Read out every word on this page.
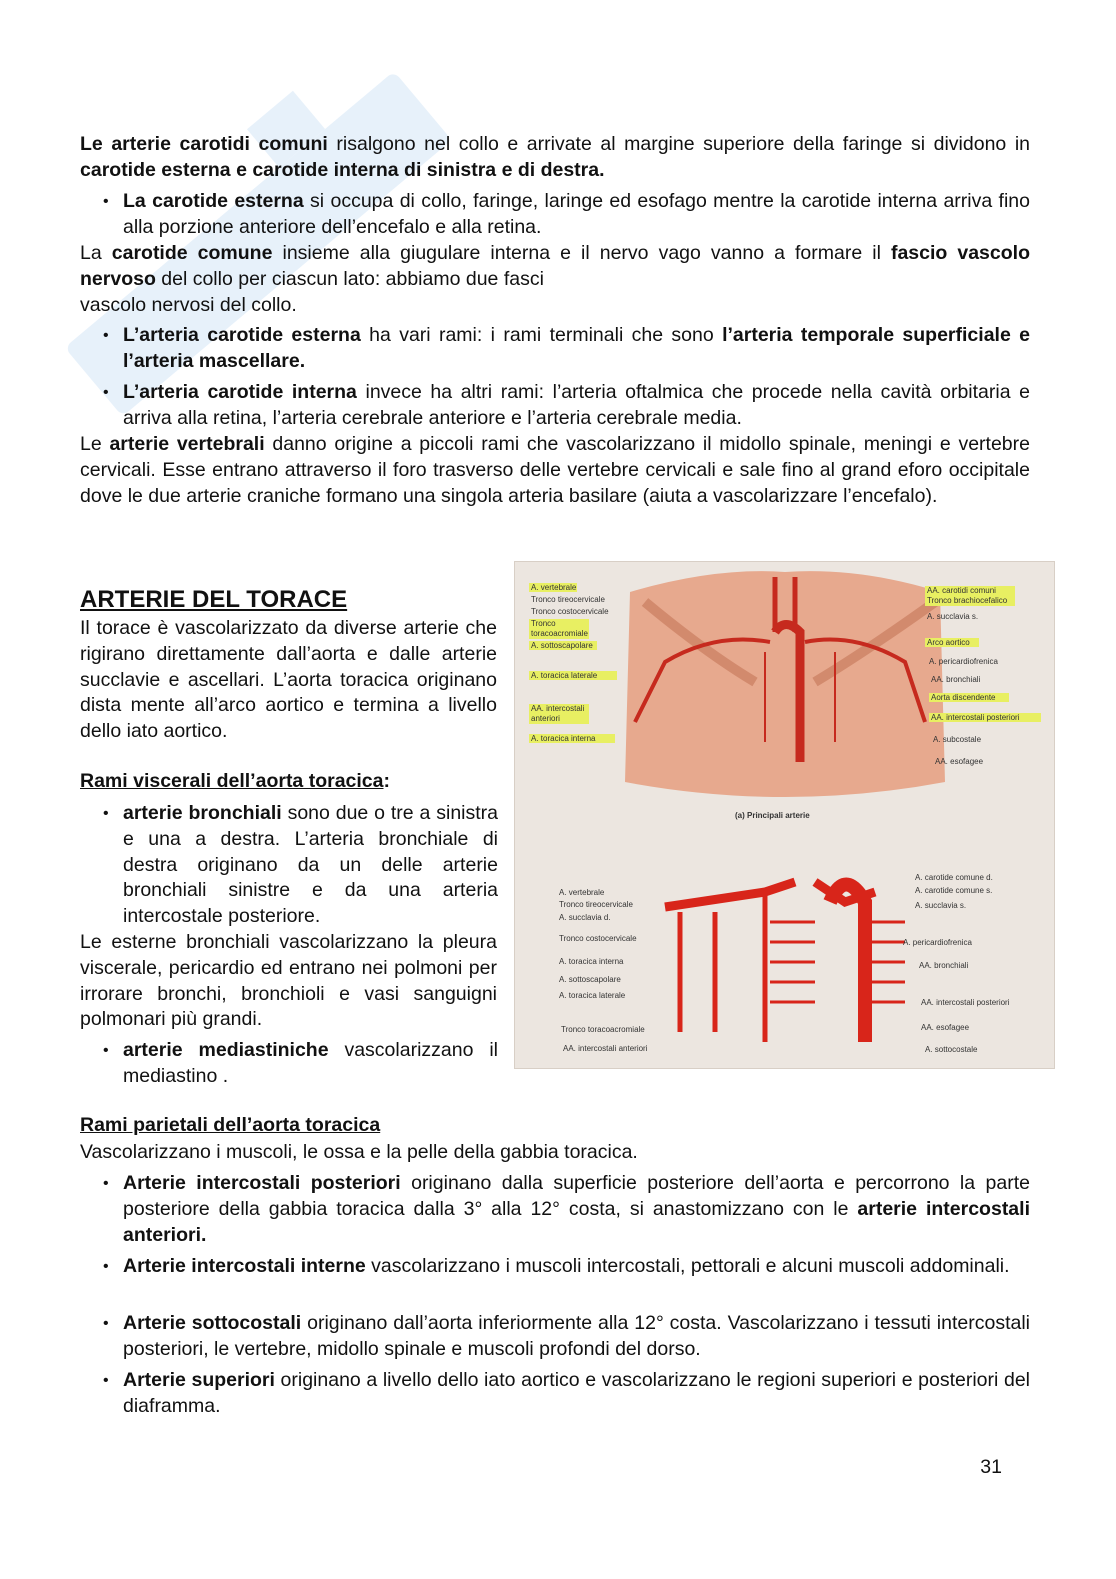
Le arterie carotidi comuni risalgono nel collo e arrivate al margine superiore della faringe si dividono in carotide esterna e carotide interna di sinistra e di destra.
• La carotide esterna si occupa di collo, faringe, laringe ed esofago mentre la carotide interna arriva fino alla porzione anteriore dell’encefalo e alla retina.
La carotide comune insieme alla giugulare interna e il nervo vago vanno a formare il fascio vascolo nervoso del collo per ciascun lato: abbiamo due fasci
vascolo nervosi del collo.
• L’arteria carotide esterna ha vari rami: i rami terminali che sono l’arteria temporale superficiale e l’arteria mascellare.
• L’arteria carotide interna invece ha altri rami: l’arteria oftalmica che procede nella cavità orbitaria e arriva alla retina, l’arteria cerebrale anteriore e l’arteria cerebrale media.
Le arterie vertebrali danno origine a piccoli rami che vascolarizzano il midollo spinale, meningi e vertebre cervicali. Esse entrano attraverso il foro trasverso delle vertebre cervicali e sale fino al grand eforo occipitale dove le due arterie craniche formano una singola arteria basilare (aiuta a vascolarizzare l’encefalo).
ARTERIE DEL TORACE
Il torace è vascolarizzato da diverse arterie che rigirano direttamente dall’aorta e dalle arterie succlavie e ascellari. L’aorta toracica originano dista mente all’arco aortico e termina a livello dello iato aortico.
Rami viscerali dell’aorta toracica:
• arterie bronchiali sono due o tre a sinistra e una a destra. L’arteria bronchiale di destra originano da un delle arterie bronchiali sinistre e da una arteria intercostale posteriore.
Le esterne bronchiali vascolarizzano la pleura viscerale, pericardio ed entrano nei polmoni per irrorare bronchi, bronchioli e vasi sanguigni polmonari più grandi.
• arterie mediastiniche vascolarizzano il mediastino .
Rami parietali dell’aorta toracica
Vascolarizzano i muscoli, le ossa e la pelle della gabbia toracica.
• Arterie intercostali posteriori originano dalla superficie posteriore dell’aorta e percorrono la parte posteriore della gabbia toracica dalla 3° alla 12° costa, si anastomizzano con le arterie intercostali anteriori.
• Arterie intercostali interne vascolarizzano i muscoli intercostali, pettorali e alcuni muscoli addominali.
• Arterie sottocostali originano dall’aorta inferiormente alla 12° costa. Vascolarizzano i tessuti intercostali posteriori, le vertebre, midollo spinale e muscoli profondi del dorso.
• Arterie superiori originano a livello dello iato aortico e vascolarizzano le regioni superiori e posteriori del diaframma.
A. vertebrale
Tronco tireocervicale
Tronco costocervicale
Tronco
toracoacromiale
A. sottoscapolare
A. toracica laterale
AA. intercostali
anteriori
A. toracica interna
AA. carotidi comuni
Tronco brachiocefalico
A. succlavia s.
Arco aortico
A. pericardiofrenica
AA. bronchiali
Aorta discendente
AA. intercostali posteriori
A. subcostale
AA. esofagee
(a) Principali arterie
A. vertebrale
Tronco tireocervicale
A. succlavia d.
Tronco costocervicale
A. toracica interna
A. sottoscapolare
A. toracica laterale
Tronco toracoacromiale
AA. intercostali anteriori
A. carotide comune d.
A. carotide comune s.
A. succlavia s.
A. pericardiofrenica
AA. bronchiali
AA. intercostali posteriori
AA. esofagee
A. sottocostale
31
